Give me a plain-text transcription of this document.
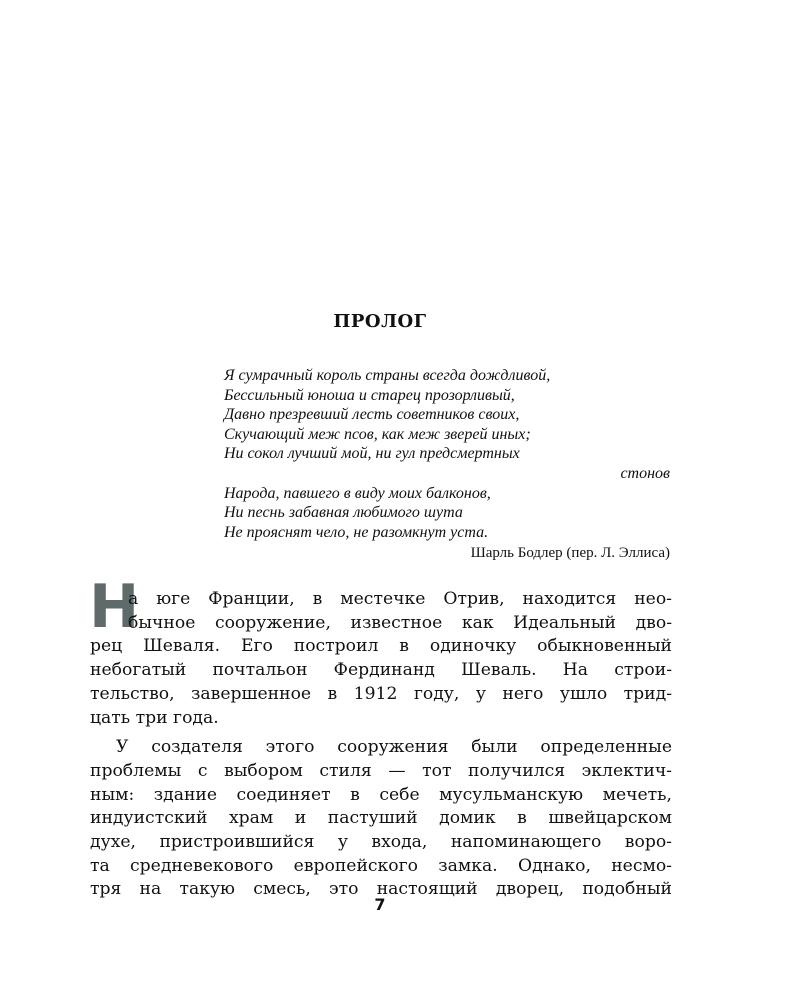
ПРОЛОГ
Я сумрачный король страны всегда дождливой,
Бессильный юноша и старец прозорливый,
Давно презревший лесть советников своих,
Скучающий меж псов, как меж зверей иных;
Ни сокол лучший мой, ни гул предсмертных
стонов
Народа, павшего в виду моих балконов,
Ни песнь забавная любимого шута
Не прояснят чело, не разомкнут уста.
Шарль Бодлер (пер. Л. Эллиса)
Н
а юге Франции, в местечке Отрив, находится нео-
бычное сооружение, известное как Идеальный дво-
рец Шеваля. Его построил в одиночку обыкновенный
небогатый почтальон Фердинанд Шеваль. На строи-
тельство, завершенное в 1912 году, у него ушло трид-
цать три года.
У создателя этого сооружения были определенные
проблемы с выбором стиля — тот получился эклектич-
ным: здание соединяет в себе мусульманскую мечеть,
индуистский храм и пастуший домик в швейцарском
духе, пристроившийся у входа, напоминающего воро-
та средневекового европейского замка. Однако, несмо-
тря на такую смесь, это настоящий дворец, подобный
7
